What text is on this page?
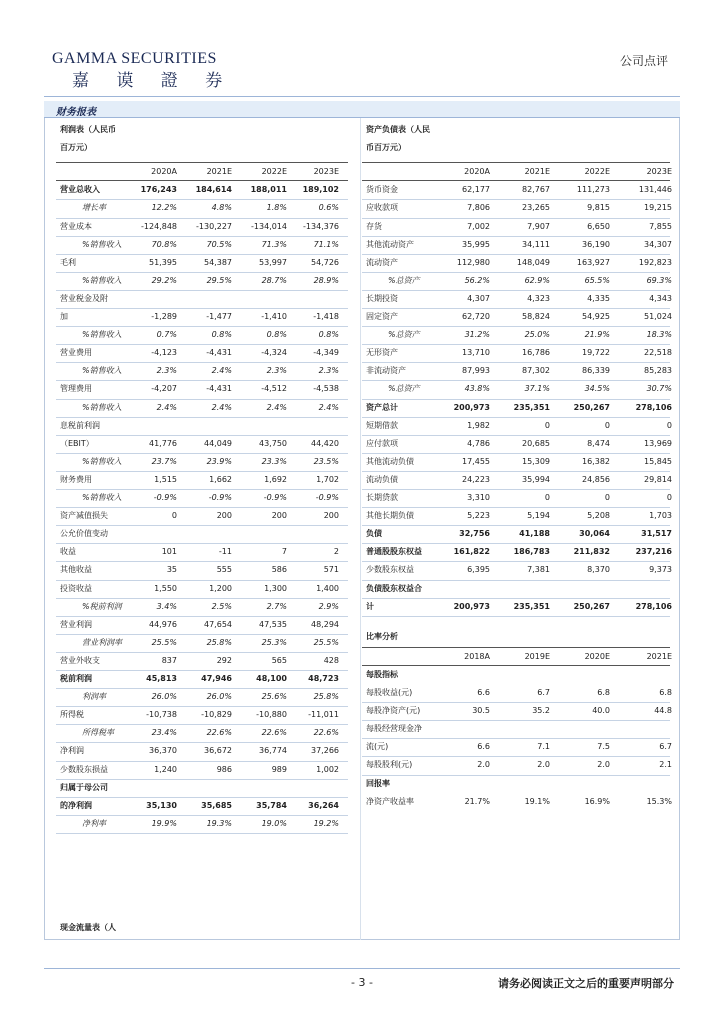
GAMMA SECURITIES
嘉 谟 證 券
公司点评
财务报表
利润表（人民币
百万元）
2020A	2021E	2022E	2023E
营业总收入	176,243	184,614	188,011	189,102
增长率	12.2%	4.8%	1.8%	0.6%
营业成本	-124,848	-130,227	-134,014	-134,376
%销售收入	70.8%	70.5%	71.3%	71.1%
毛利	51,395	54,387	53,997	54,726
%销售收入	29.2%	29.5%	28.7%	28.9%
营业税金及附
加	-1,289	-1,477	-1,410	-1,418
%销售收入	0.7%	0.8%	0.8%	0.8%
营业费用	-4,123	-4,431	-4,324	-4,349
%销售收入	2.3%	2.4%	2.3%	2.3%
管理费用	-4,207	-4,431	-4,512	-4,538
%销售收入	2.4%	2.4%	2.4%	2.4%
息税前利润
（EBIT）	41,776	44,049	43,750	44,420
%销售收入	23.7%	23.9%	23.3%	23.5%
财务费用	1,515	1,662	1,692	1,702
%销售收入	-0.9%	-0.9%	-0.9%	-0.9%
资产减值损失	0	200	200	200
公允价值变动
收益	101	-11	7	2
其他收益	35	555	586	571
投资收益	1,550	1,200	1,300	1,400
%税前利润	3.4%	2.5%	2.7%	2.9%
营业利润	44,976	47,654	47,535	48,294
营业利润率	25.5%	25.8%	25.3%	25.5%
营业外收支	837	292	565	428
税前利润	45,813	47,946	48,100	48,723
利润率	26.0%	26.0%	25.6%	25.8%
所得税	-10,738	-10,829	-10,880	-11,011
所得税率	23.4%	22.6%	22.6%	22.6%
净利润	36,370	36,672	36,774	37,266
少数股东损益	1,240	986	989	1,002
归属于母公司
的净利润	35,130	35,685	35,784	36,264
净利率	19.9%	19.3%	19.0%	19.2%
现金流量表（人
资产负债表（人民
币百万元）
2020A	2021E	2022E	2023E
货币资金	62,177	82,767	111,273	131,446
应收款项	7,806	23,265	9,815	19,215
存货	7,002	7,907	6,650	7,855
其他流动资产	35,995	34,111	36,190	34,307
流动资产	112,980	148,049	163,927	192,823
%总资产	56.2%	62.9%	65.5%	69.3%
长期投资	4,307	4,323	4,335	4,343
固定资产	62,720	58,824	54,925	51,024
%总资产	31.2%	25.0%	21.9%	18.3%
无形资产	13,710	16,786	19,722	22,518
非流动资产	87,993	87,302	86,339	85,283
%总资产	43.8%	37.1%	34.5%	30.7%
资产总计	200,973	235,351	250,267	278,106
短期借款	1,982	0	0	0
应付款项	4,786	20,685	8,474	13,969
其他流动负债	17,455	15,309	16,382	15,845
流动负债	24,223	35,994	24,856	29,814
长期贷款	3,310	0	0	0
其他长期负债	5,223	5,194	5,208	1,703
负债	32,756	41,188	30,064	31,517
普通股股东权益	161,822	186,783	211,832	237,216
少数股东权益	6,395	7,381	8,370	9,373
负债股东权益合
计	200,973	235,351	250,267	278,106
比率分析
2018A	2019E	2020E	2021E
每股指标
每股收益(元)	6.6	6.7	6.8	6.8
每股净资产(元)	30.5	35.2	40.0	44.8
每股经营现金净
流(元)	6.6	7.1	7.5	6.7
每股股利(元)	2.0	2.0	2.0	2.1
回报率
净资产收益率	21.7%	19.1%	16.9%	15.3%
- 3 -	请务必阅读正文之后的重要声明部分
